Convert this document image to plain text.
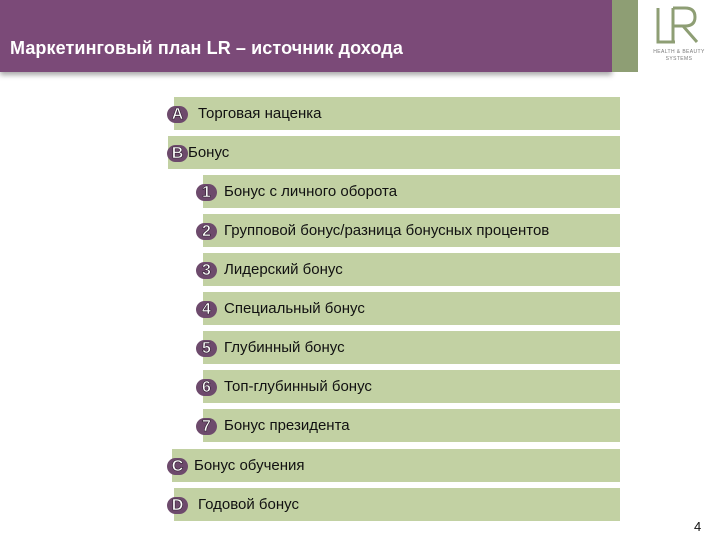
Маркетинговый план LR – источник дохода	HEALTH & BEAUTY
SYSTEMS
Торговая наценка
A
Бонус
B
Бонус с личного оборота
1
Групповой бонус/разница бонусных процентов
2
Лидерский бонус
3
Специальный бонус
4
Глубинный бонус
5
Топ-глубинный бонус
6
Бонус президента
7
Бонус обучения
C
Годовой бонус
D
4
